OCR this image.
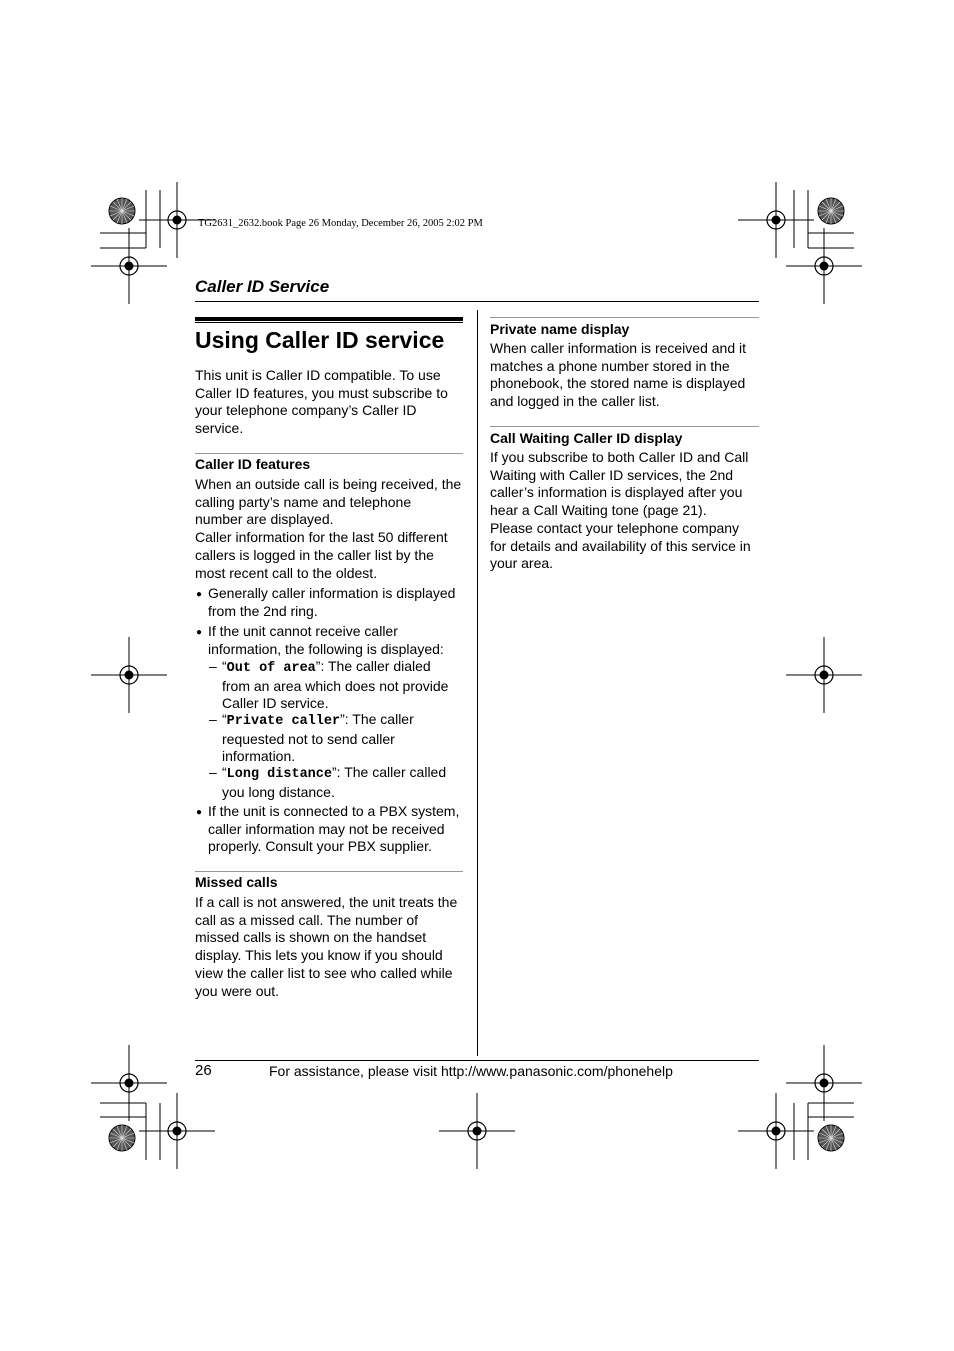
TG2631_2632.book Page 26 Monday, December 26, 2005 2:02 PM
Caller ID Service
Using Caller ID service
This unit is Caller ID compatible. To use
Caller ID features, you must subscribe to
your telephone company’s Caller ID
service.
Caller ID features
When an outside call is being received, the
calling party’s name and telephone
number are displayed.
Caller information for the last 50 different
callers is logged in the caller list by the
most recent call to the oldest.
● Generally caller information is displayed
from the 2nd ring.
● If the unit cannot receive caller
information, the following is displayed:
– “Out of area”: The caller dialed
from an area which does not provide
Caller ID service.
– “Private caller”: The caller
requested not to send caller
information.
– “Long distance”: The caller called
you long distance.
● If the unit is connected to a PBX system,
caller information may not be received
properly. Consult your PBX supplier.
Missed calls
If a call is not answered, the unit treats the
call as a missed call. The number of
missed calls is shown on the handset
display. This lets you know if you should
view the caller list to see who called while
you were out.
Private name display
When caller information is received and it
matches a phone number stored in the
phonebook, the stored name is displayed
and logged in the caller list.
Call Waiting Caller ID display
If you subscribe to both Caller ID and Call
Waiting with Caller ID services, the 2nd
caller’s information is displayed after you
hear a Call Waiting tone (page 21).
Please contact your telephone company
for details and availability of this service in
your area.
26	For assistance, please visit http://www.panasonic.com/phonehelp
